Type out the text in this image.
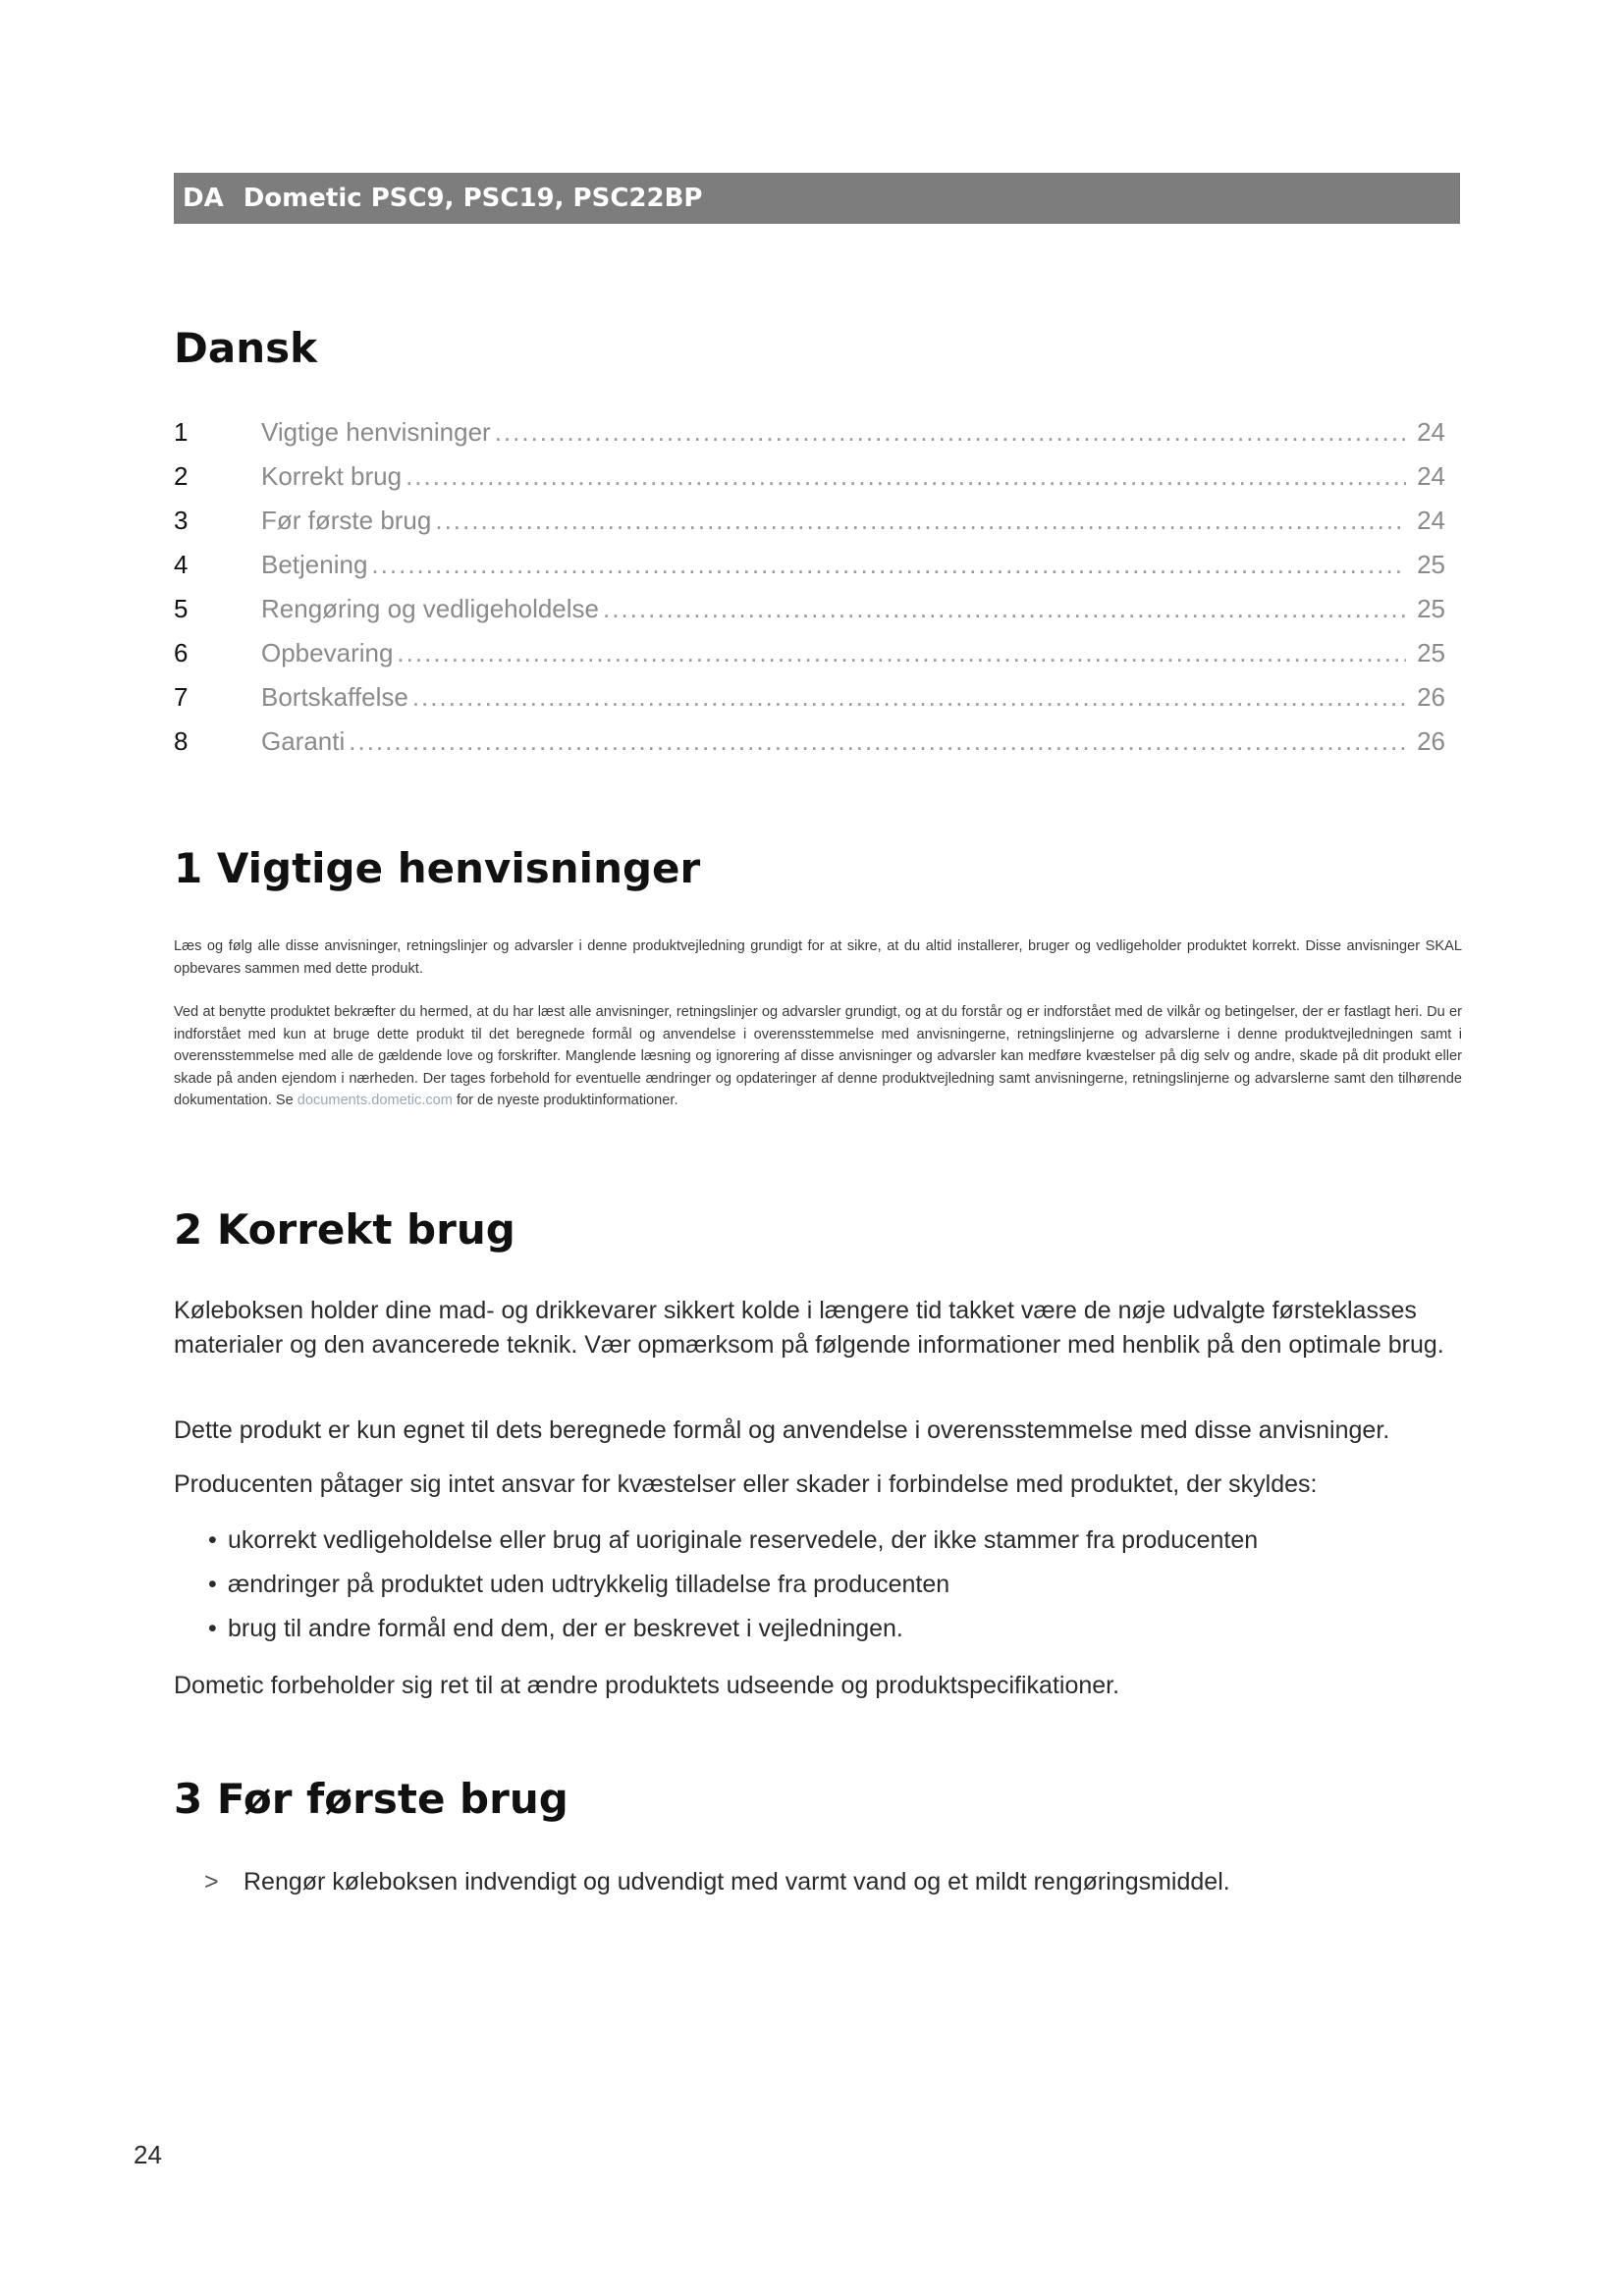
DA Dometic PSC9, PSC19, PSC22BP
Dansk
1	Vigtige henvisninger .....	24
2	Korrekt brug .....	24
3	Før første brug .....	24
4	Betjening .....	25
5	Rengøring og vedligeholdelse .....	25
6	Opbevaring .....	25
7	Bortskaffelse .....	26
8	Garanti .....	26
1 Vigtige henvisninger

Læs og følg alle disse anvisninger, retningslinjer og advarsler i denne produktvejledning grundigt for at sikre, at du altid installerer, bruger og vedligeholder produktet korrekt. Disse anvisninger SKAL opbevares sammen med dette produkt.

Ved at benytte produktet bekræfter du hermed, at du har læst alle anvisninger, retningslinjer og advarsler grundigt, og at du forstår og er indforstået med de vilkår og betingelser, der er fastlagt heri. Du er indforstået med kun at bruge dette produkt til det beregnede formål og anvendelse i overensstemmelse med anvisningerne, retningslinjerne og advarslerne i denne produktvejledningen samt i overensstemmelse med alle de gældende love og forskrifter. Manglende læsning og ignorering af disse anvisninger og advarsler kan medføre kvæstelser på dig selv og andre, skade på dit produkt eller skade på anden ejendom i nærheden. Der tages forbehold for eventuelle ændringer og opdateringer af denne produktvejledning samt anvisningerne, retningslinjerne og advarslerne samt den tilhørende dokumentation. Se documents.dometic.com for de nyeste produktinformationer.

2 Korrekt brug

Køleboksen holder dine mad- og drikkevarer sikkert kolde i længere tid takket være de nøje udvalgte førsteklasses materialer og den avancerede teknik. Vær opmærksom på følgende informationer med henblik på den optimale brug.

Dette produkt er kun egnet til dets beregnede formål og anvendelse i overensstemmelse med disse anvisninger.

Producenten påtager sig intet ansvar for kvæstelser eller skader i forbindelse med produktet, der skyldes:

• ukorrekt vedligeholdelse eller brug af uoriginale reservedele, der ikke stammer fra producenten
• ændringer på produktet uden udtrykkelig tilladelse fra producenten
• brug til andre formål end dem, der er beskrevet i vejledningen.

Dometic forbeholder sig ret til at ændre produktets udseende og produktspecifikationer.

3 Før første brug
>	Rengør køleboksen indvendigt og udvendigt med varmt vand og et mildt rengøringsmiddel.
24
